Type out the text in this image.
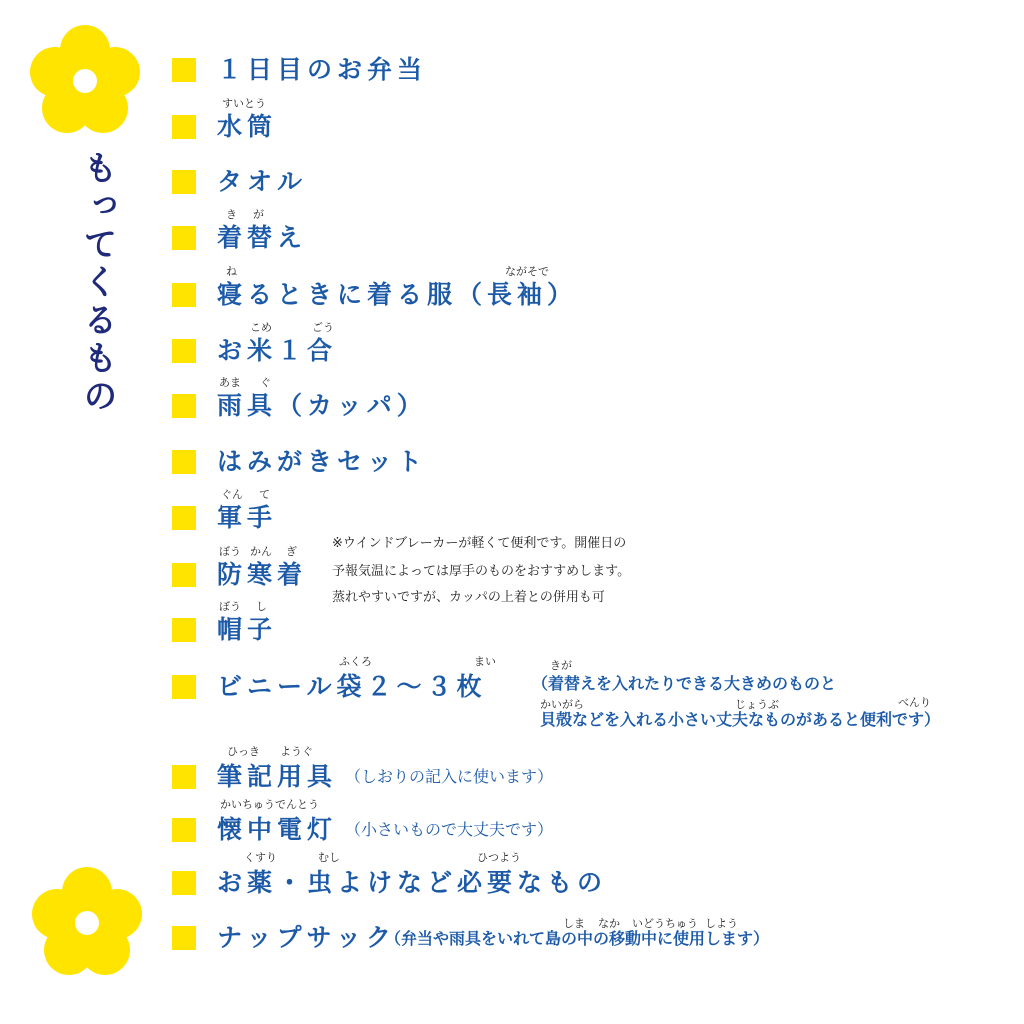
もってくるもの
１日目のお弁当
すいとう
水筒
タオル
き が
着替え
ね	ながそで
寝るときに着る服（長袖）
こめ	ごう
お米１合
あま ぐ
雨具（カッパ）
はみがきセット
ぐん て
軍手
ぼう かん ぎ
防寒着
※ウインドブレーカーが軽くて便利です。開催日の
予報気温によっては厚手のものをおすすめします。
蒸れやすいですが、カッパの上着との併用も可
ぼう し
帽子
ふくろ	まい
ビニール袋２～３枚
きが
（着替えを入れたりできる大きめのものと
かいがら	じょうぶ	べんり
貝殻などを入れる小さい丈夫なものがあると便利です）
ひっき ようぐ
筆記用具 （しおりの記入に使います）
かいちゅうでんとう
懐中電灯 （小さいもので大丈夫です）
くすり	むし	ひつよう
お薬・虫よけなど必要なもの
ナップサック	しま なか いどうちゅう しよう
（弁当や雨具をいれて島の中の移動中に使用します）
